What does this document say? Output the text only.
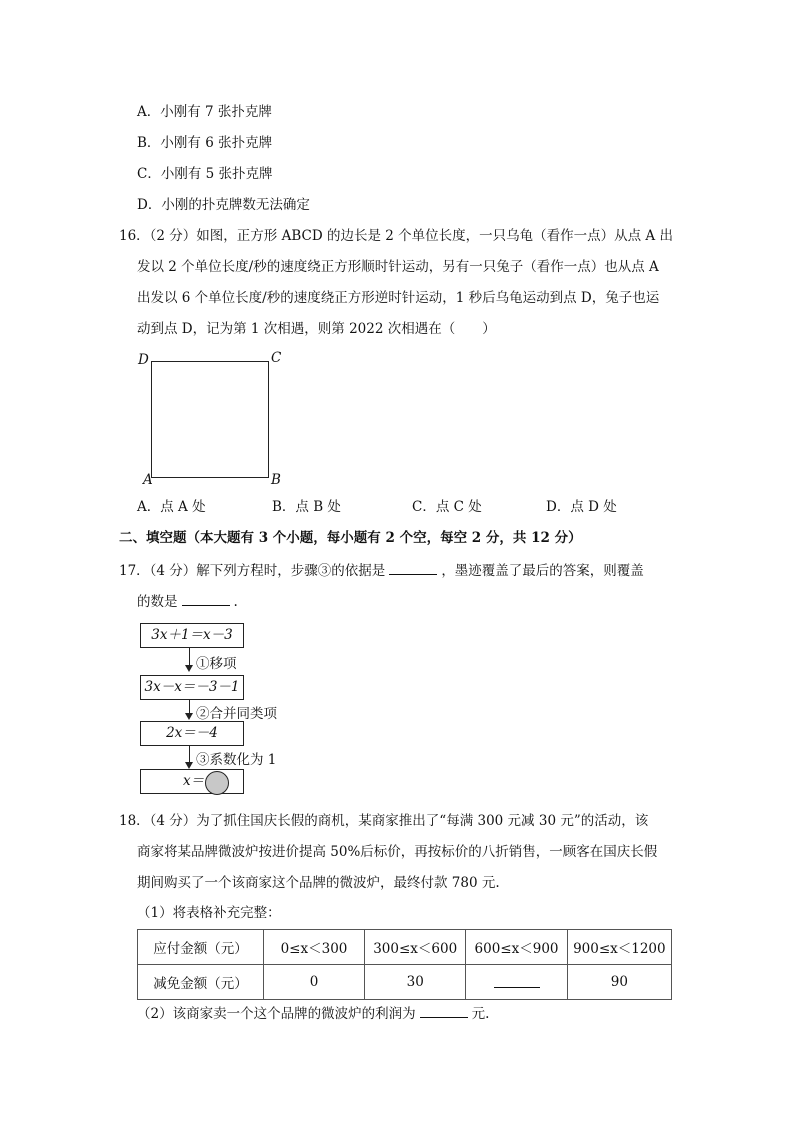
A．小刚有 7 张扑克牌
B．小刚有 6 张扑克牌
C．小刚有 5 张扑克牌
D．小刚的扑克牌数无法确定
16．（2 分）如图，正方形 ABCD 的边长是 2 个单位长度，一只乌龟（看作一点）从点 A 出
发以 2 个单位长度/秒的速度绕正方形顺时针运动，另有一只兔子（看作一点）也从点 A
出发以 6 个单位长度/秒的速度绕正方形逆时针运动，1 秒后乌龟运动到点 D，兔子也运
动到点 D，记为第 1 次相遇，则第 2022 次相遇在（　　）
D	C
A	B
A．点 A 处	B．点 B 处	C．点 C 处	D．点 D 处
二、填空题（本大题有 3 个小题，每小题有 2 个空，每空 2 分，共 12 分）
17．（4 分）解下列方程时，步骤③的依据是	，墨迹覆盖了最后的答案，则覆盖
的数是	.
3x＋1＝x－3
①移项
3x－x＝－3－1
②合并同类项
2x＝－4
③系数化为 1
x＝
18．（4 分）为了抓住国庆长假的商机，某商家推出了“每满 300 元减 30 元”的活动，该
商家将某品牌微波炉按进价提高 50%后标价，再按标价的八折销售，一顾客在国庆长假
期间购买了一个该商家这个品牌的微波炉，最终付款 780 元.
（1）将表格补充完整：
应付金额（元）	0≤x＜300	300≤x＜600	600≤x＜900	900≤x＜1200
减免金额（元）	0	30		90
（2）该商家卖一个这个品牌的微波炉的利润为	元.
